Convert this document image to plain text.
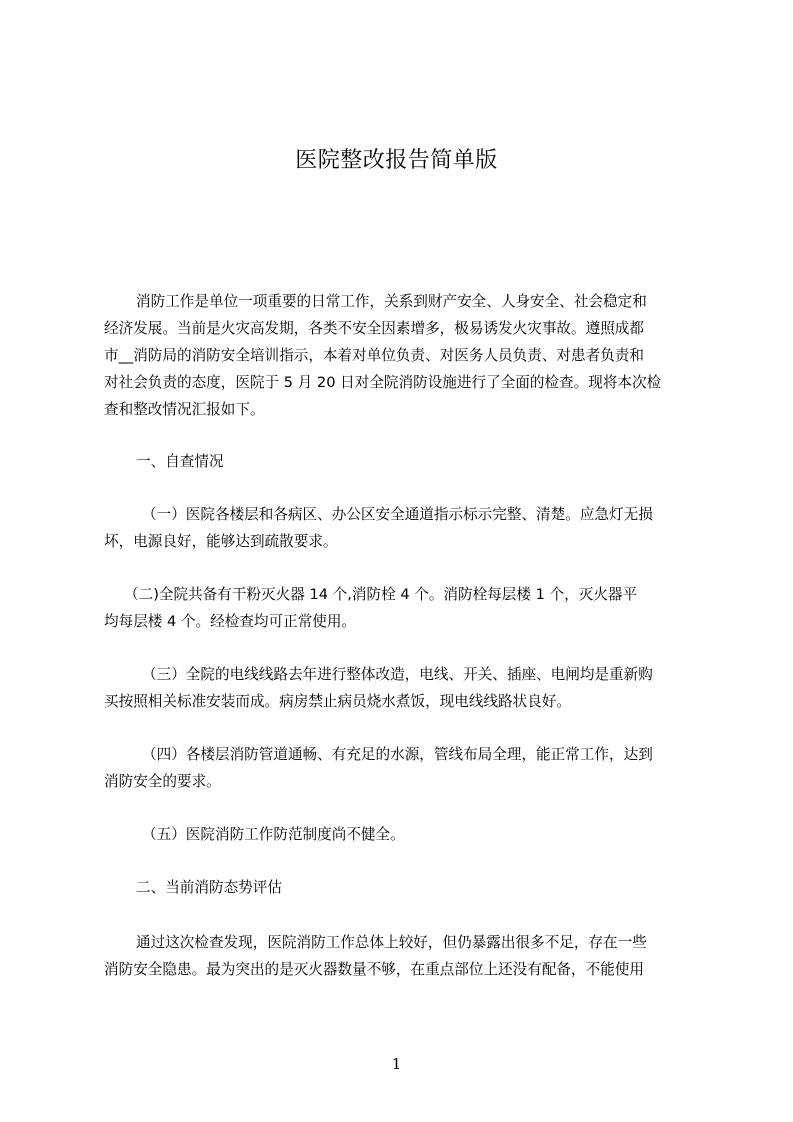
医院整改报告简单版
消防工作是单位一项重要的日常工作，关系到财产安全、人身安全、社会稳定和
经济发展。当前是火灾高发期，各类不安全因素增多，极易诱发火灾事故。遵照成都
市__消防局的消防安全培训指示，本着对单位负责、对医务人员负责、对患者负责和
对社会负责的态度，医院于 5 月 20 日对全院消防设施进行了全面的检查。现将本次检
查和整改情况汇报如下。
一、自查情况
（一）医院各楼层和各病区、办公区安全通道指示标示完整、清楚。应急灯无损
坏，电源良好，能够达到疏散要求。
（二)全院共备有干粉灭火器 14 个,消防栓 4 个。消防栓每层楼 1 个，灭火器平
均每层楼 4 个。经检查均可正常使用。
（三）全院的电线线路去年进行整体改造，电线、开关、插座、电闸均是重新购
买按照相关标准安装而成。病房禁止病员烧水煮饭，现电线线路状良好。
（四）各楼层消防管道通畅、有充足的水源，管线布局全理，能正常工作，达到
消防安全的要求。
（五）医院消防工作防范制度尚不健全。
二、当前消防态势评估
通过这次检查发现，医院消防工作总体上较好，但仍暴露出很多不足，存在一些
消防安全隐患。最为突出的是灭火器数量不够，在重点部位上还没有配备，不能使用
1
